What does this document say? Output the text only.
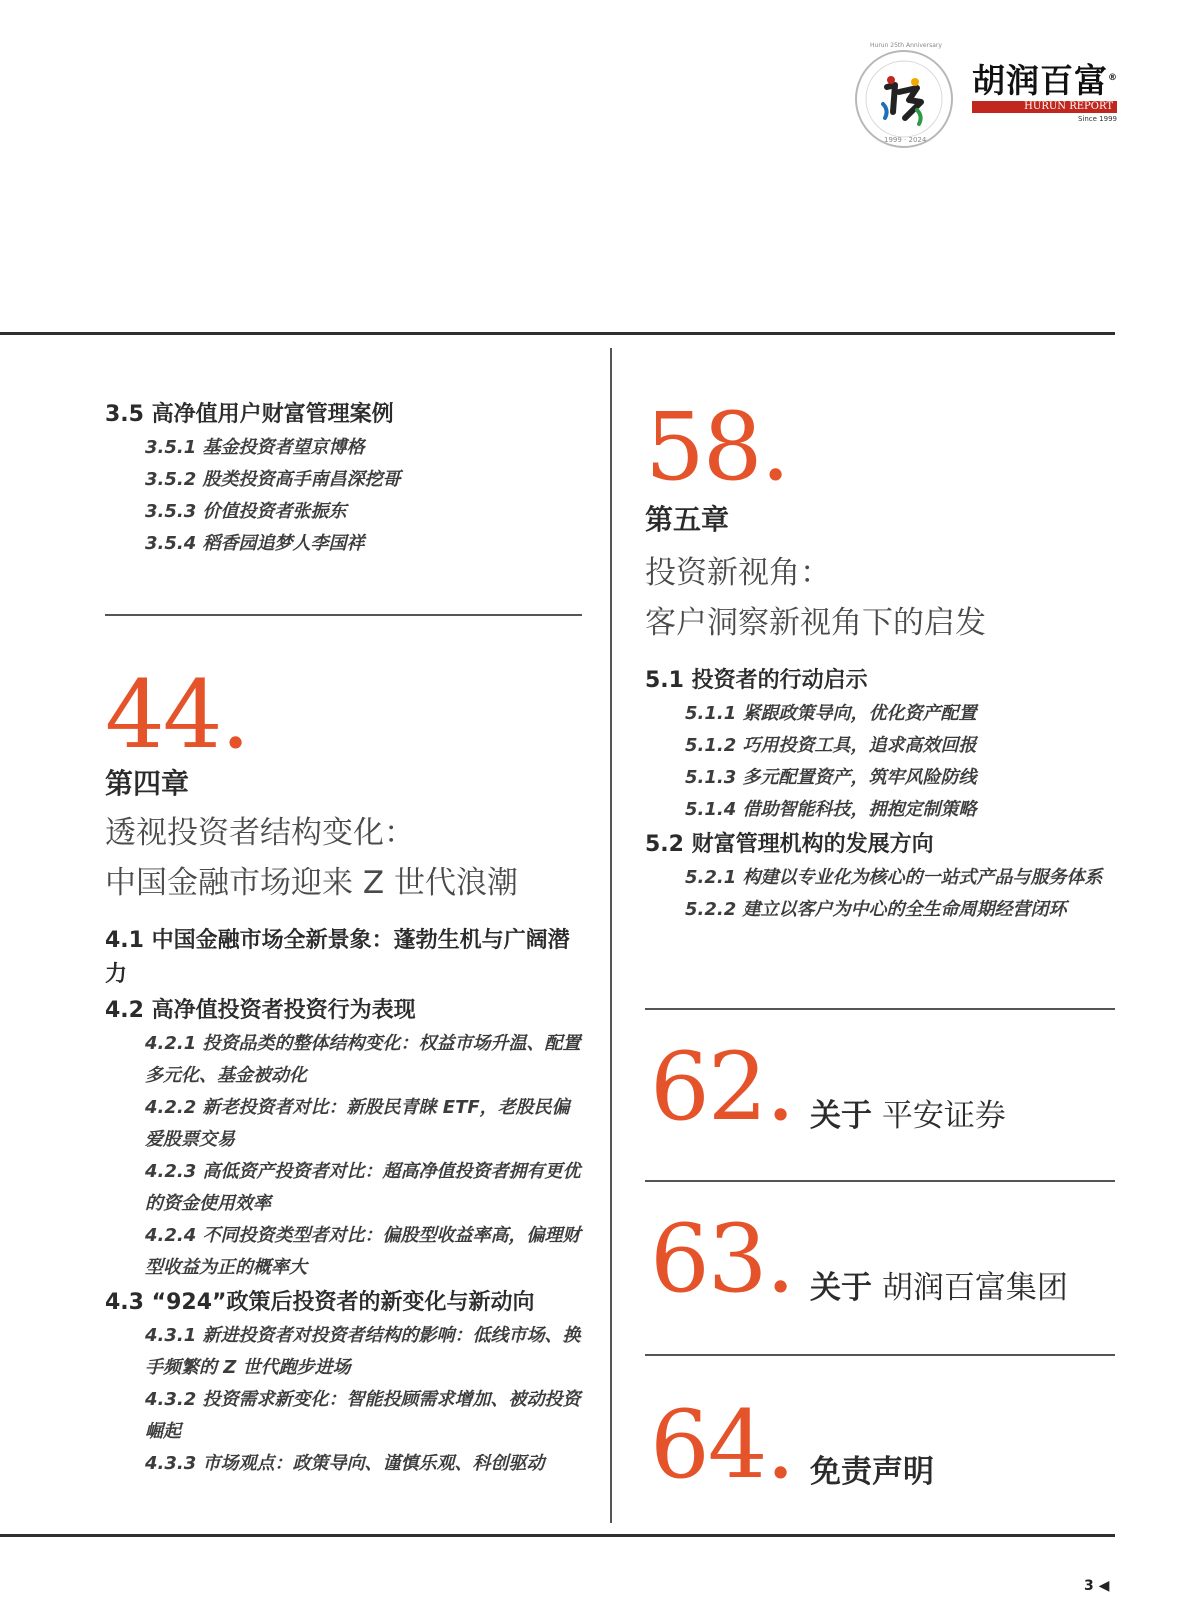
Hurun 25th Anniversary
1999 · 2024
胡润百富®
HURUN REPORT
Since 1999
3.5 高净值用户财富管理案例
3.5.1 基金投资者望京博格
3.5.2 股类投资高手南昌深挖哥
3.5.3 价值投资者张振东
3.5.4 稻香园追梦人李国祥
44.
第四章
透视投资者结构变化：
中国金融市场迎来 Z 世代浪潮
4.1 中国金融市场全新景象：蓬勃生机与广阔潜力
4.2 高净值投资者投资行为表现
4.2.1 投资品类的整体结构变化：权益市场升温、配置多元化、基金被动化
4.2.2 新老投资者对比：新股民青睐 ETF，老股民偏爱股票交易
4.2.3 高低资产投资者对比：超高净值投资者拥有更优的资金使用效率
4.2.4 不同投资类型者对比：偏股型收益率高，偏理财型收益为正的概率大
4.3 “924”政策后投资者的新变化与新动向
4.3.1 新进投资者对投资者结构的影响：低线市场、换手频繁的 Z 世代跑步进场
4.3.2 投资需求新变化：智能投顾需求增加、被动投资崛起
4.3.3 市场观点：政策导向、谨慎乐观、科创驱动
58.
第五章
投资新视角：
客户洞察新视角下的启发
5.1 投资者的行动启示
5.1.1 紧跟政策导向，优化资产配置
5.1.2 巧用投资工具，追求高效回报
5.1.3 多元配置资产，筑牢风险防线
5.1.4 借助智能科技，拥抱定制策略
5.2 财富管理机构的发展方向
5.2.1 构建以专业化为核心的一站式产品与服务体系
5.2.2 建立以客户为中心的全生命周期经营闭环
62. 关于 平安证券
63. 关于 胡润百富集团
64. 免责声明
3 ◀
